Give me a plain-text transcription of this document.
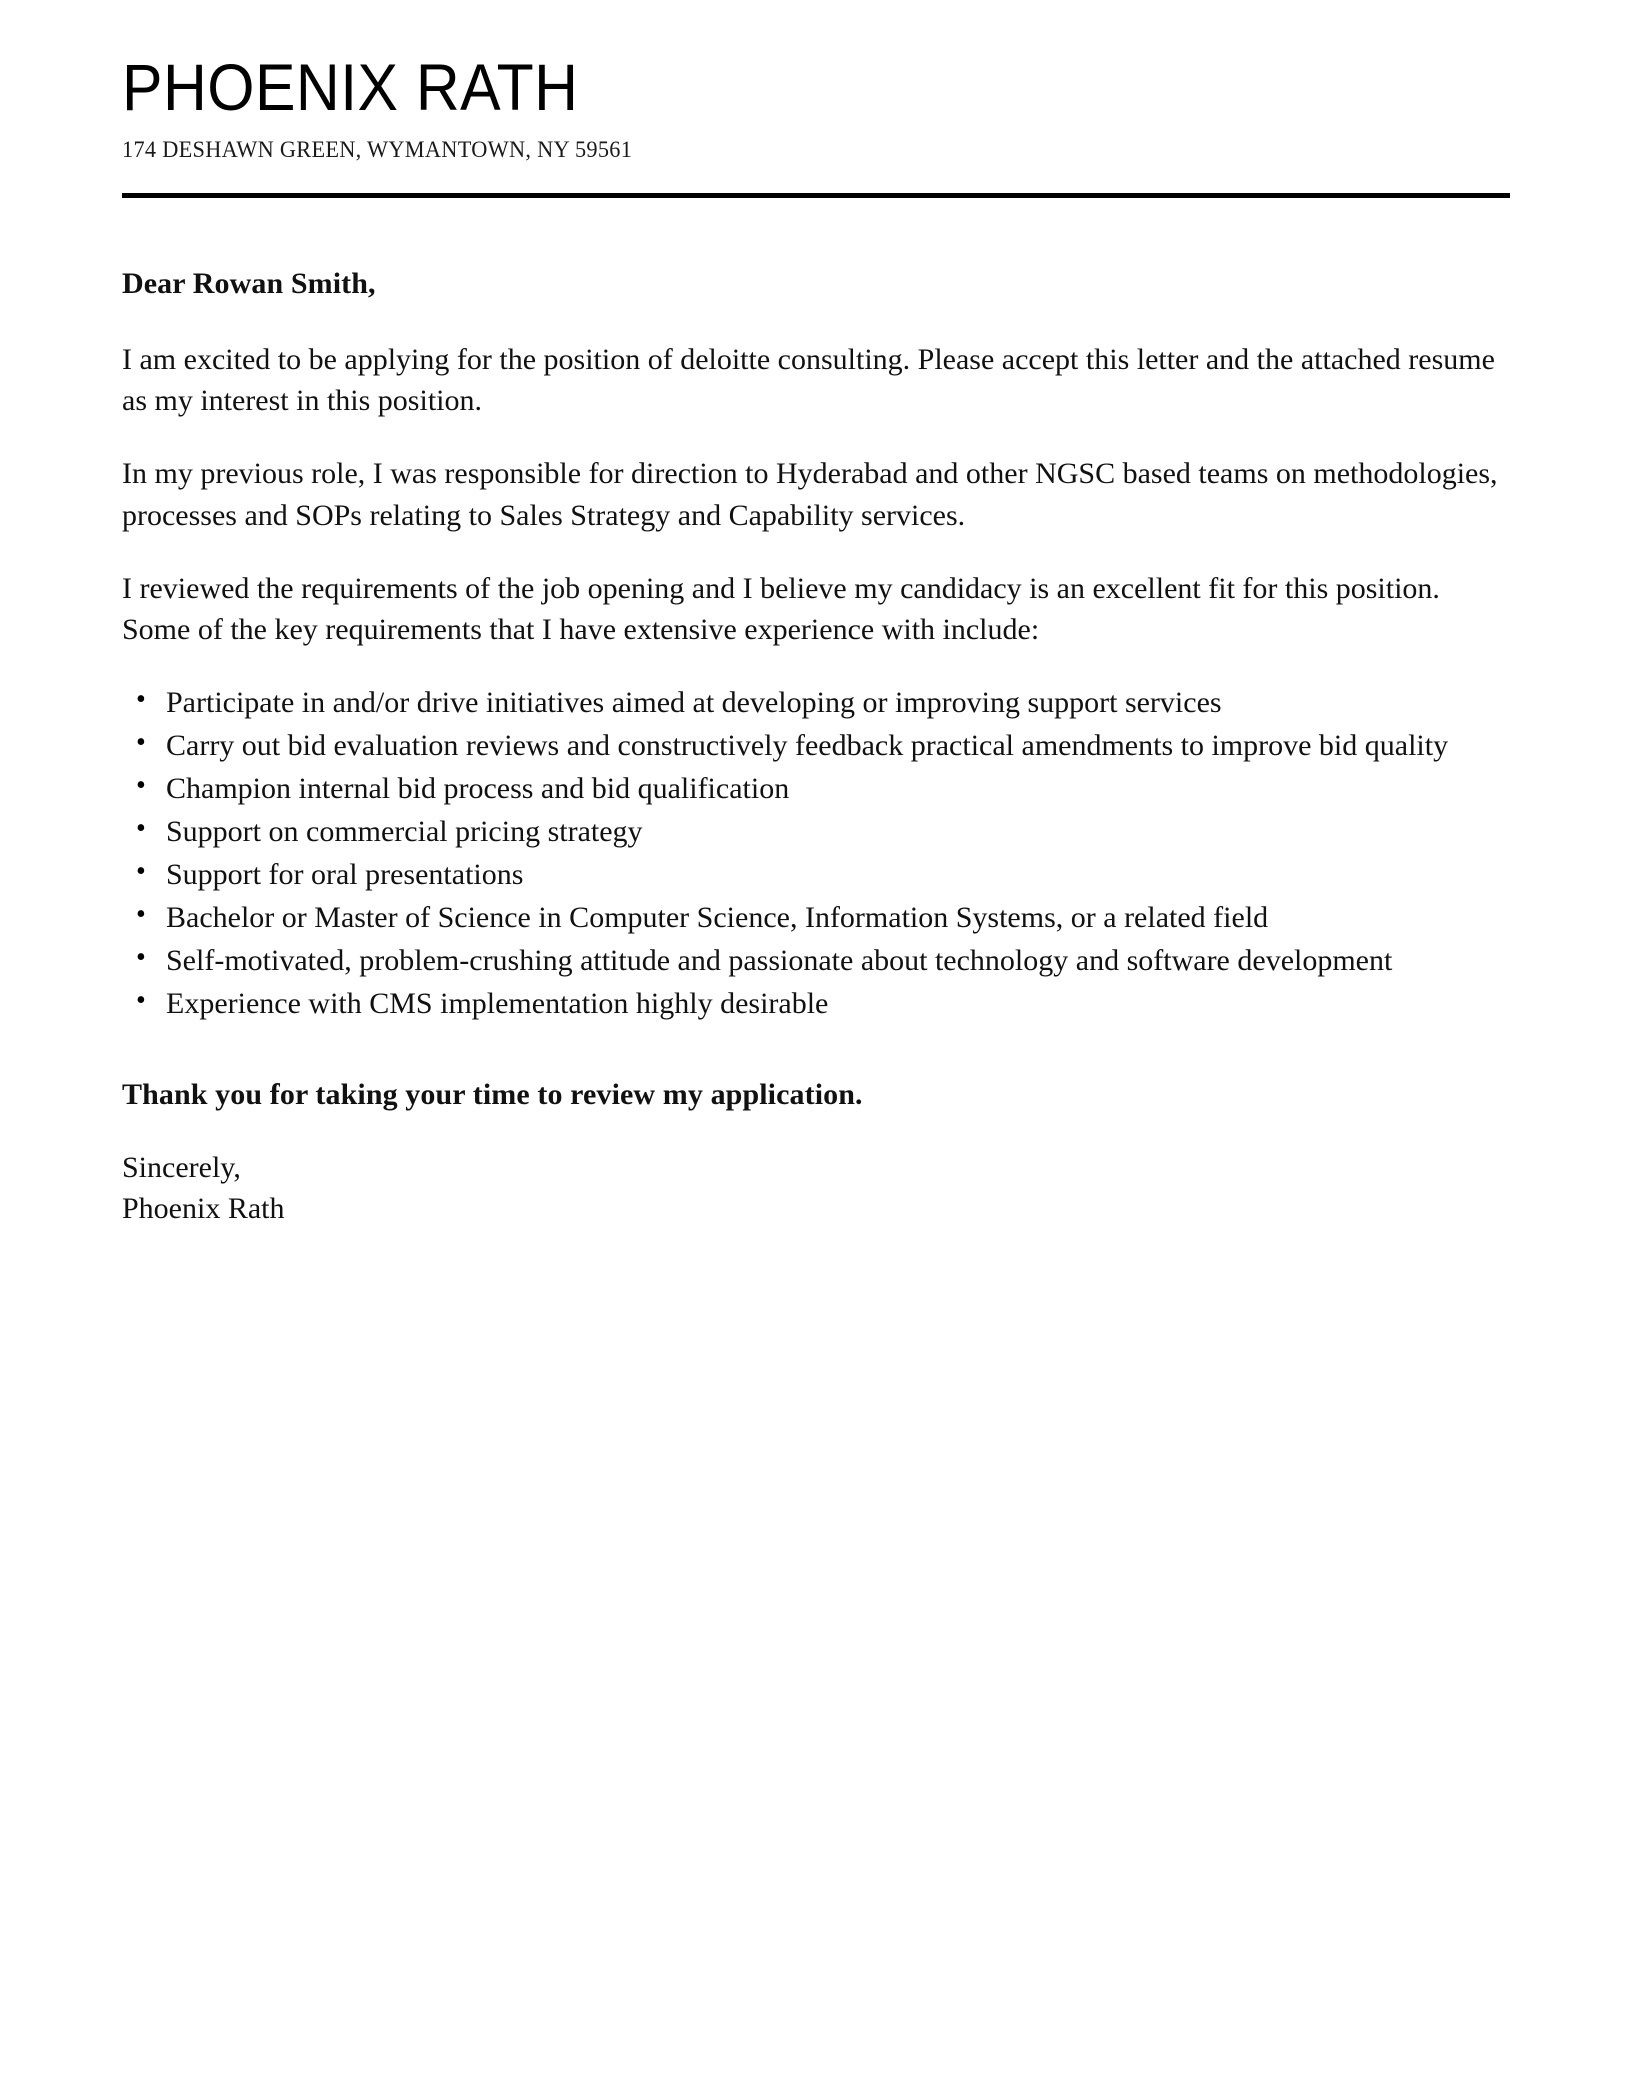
PHOENIX RATH
174 DESHAWN GREEN, WYMANTOWN, NY 59561

Dear Rowan Smith,

I am excited to be applying for the position of deloitte consulting. Please accept this letter and the attached resume as my interest in this position.

In my previous role, I was responsible for direction to Hyderabad and other NGSC based teams on methodologies, processes and SOPs relating to Sales Strategy and Capability services.

I reviewed the requirements of the job opening and I believe my candidacy is an excellent fit for this position. Some of the key requirements that I have extensive experience with include:

• Participate in and/or drive initiatives aimed at developing or improving support services
• Carry out bid evaluation reviews and constructively feedback practical amendments to improve bid quality
• Champion internal bid process and bid qualification
• Support on commercial pricing strategy
• Support for oral presentations
• Bachelor or Master of Science in Computer Science, Information Systems, or a related field
• Self-motivated, problem-crushing attitude and passionate about technology and software development
• Experience with CMS implementation highly desirable

Thank you for taking your time to review my application.

Sincerely,
Phoenix Rath
